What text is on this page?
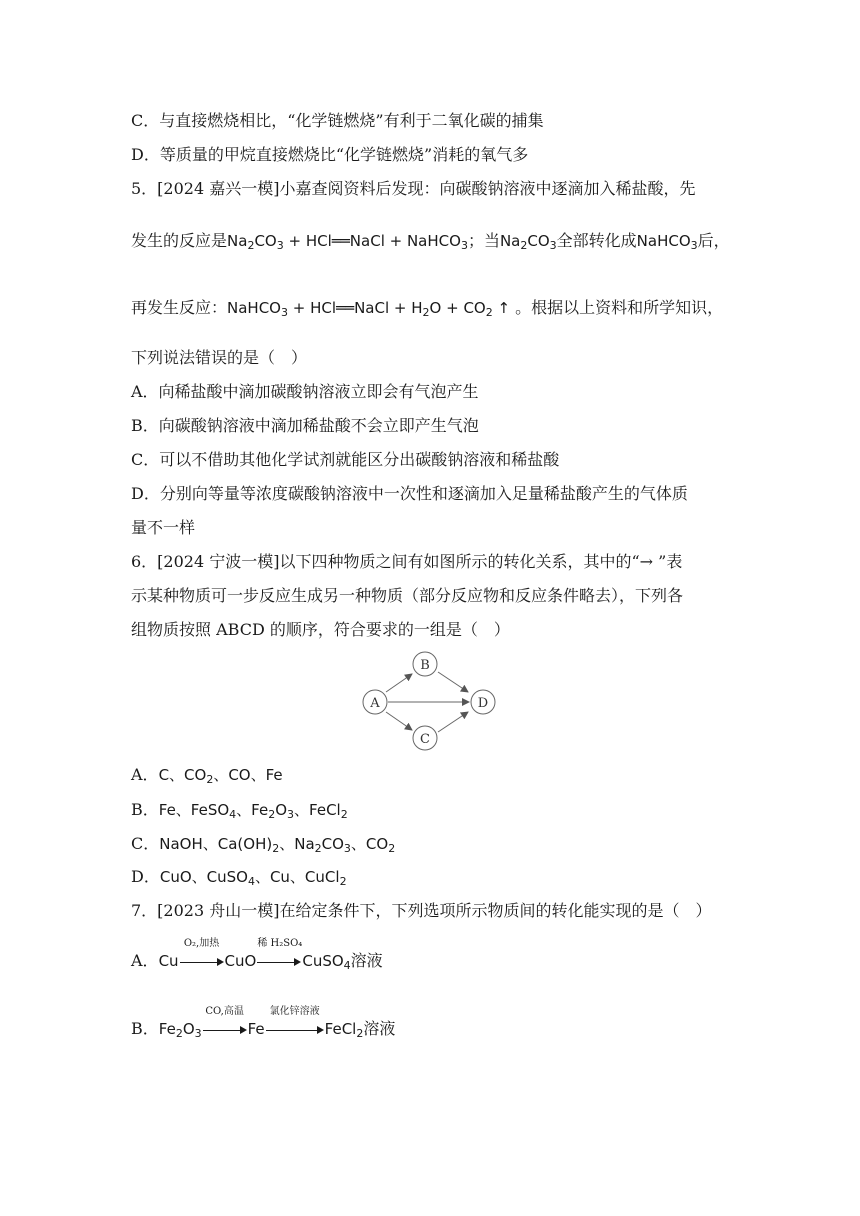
C．与直接燃烧相比，“化学链燃烧”有利于二氧化碳的捕集
D．等质量的甲烷直接燃烧比“化学链燃烧”消耗的氧气多
5．[2024 嘉兴一模]小嘉查阅资料后发现：向碳酸钠溶液中逐滴加入稀盐酸，先
发生的反应是$Na_2CO_3$ + HCl══NaCl + NaHCO$_3$；当$Na_2CO_3$全部转化成NaHCO$_3$后，
再发生反应：NaHCO$_3$ + HCl══NaCl + $H_2O + CO_2$ ↑ 。根据以上资料和所学知识，
下列说法错误的是（　）
A．向稀盐酸中滴加碳酸钠溶液立即会有气泡产生
B．向碳酸钠溶液中滴加稀盐酸不会立即产生气泡
C．可以不借助其他化学试剂就能区分出碳酸钠溶液和稀盐酸
D．分别向等量等浓度碳酸钠溶液中一次性和逐滴加入足量稀盐酸产生的气体质
量不一样
6．[2024 宁波一模]以下四种物质之间有如图所示的转化关系，其中的“→ ”表
示某种物质可一步反应生成另一种物质（部分反应物和反应条件略去），下列各
组物质按照 ABCD 的顺序，符合要求的一组是（　）
B
A	D
C
A．C、$CO_2$、CO、Fe
B．Fe、FeSO$_4$、$Fe_2O_3$、FeCl$_2$
C．NaOH、$Ca(OH)_2$、$Na_2CO_3$、$CO_2$
D．CuO、CuSO$_4$、Cu、CuCl$_2$
7．[2023 舟山一模]在给定条件下，下列选项所示物质间的转化能实现的是（　）
A．Cu
O₂,加热
CuO
稀 H₂SO₄
CuSO$_4$溶液
B．$Fe_2O_3$
CO,高温
Fe
氯化锌溶液
FeCl$_2$溶液
